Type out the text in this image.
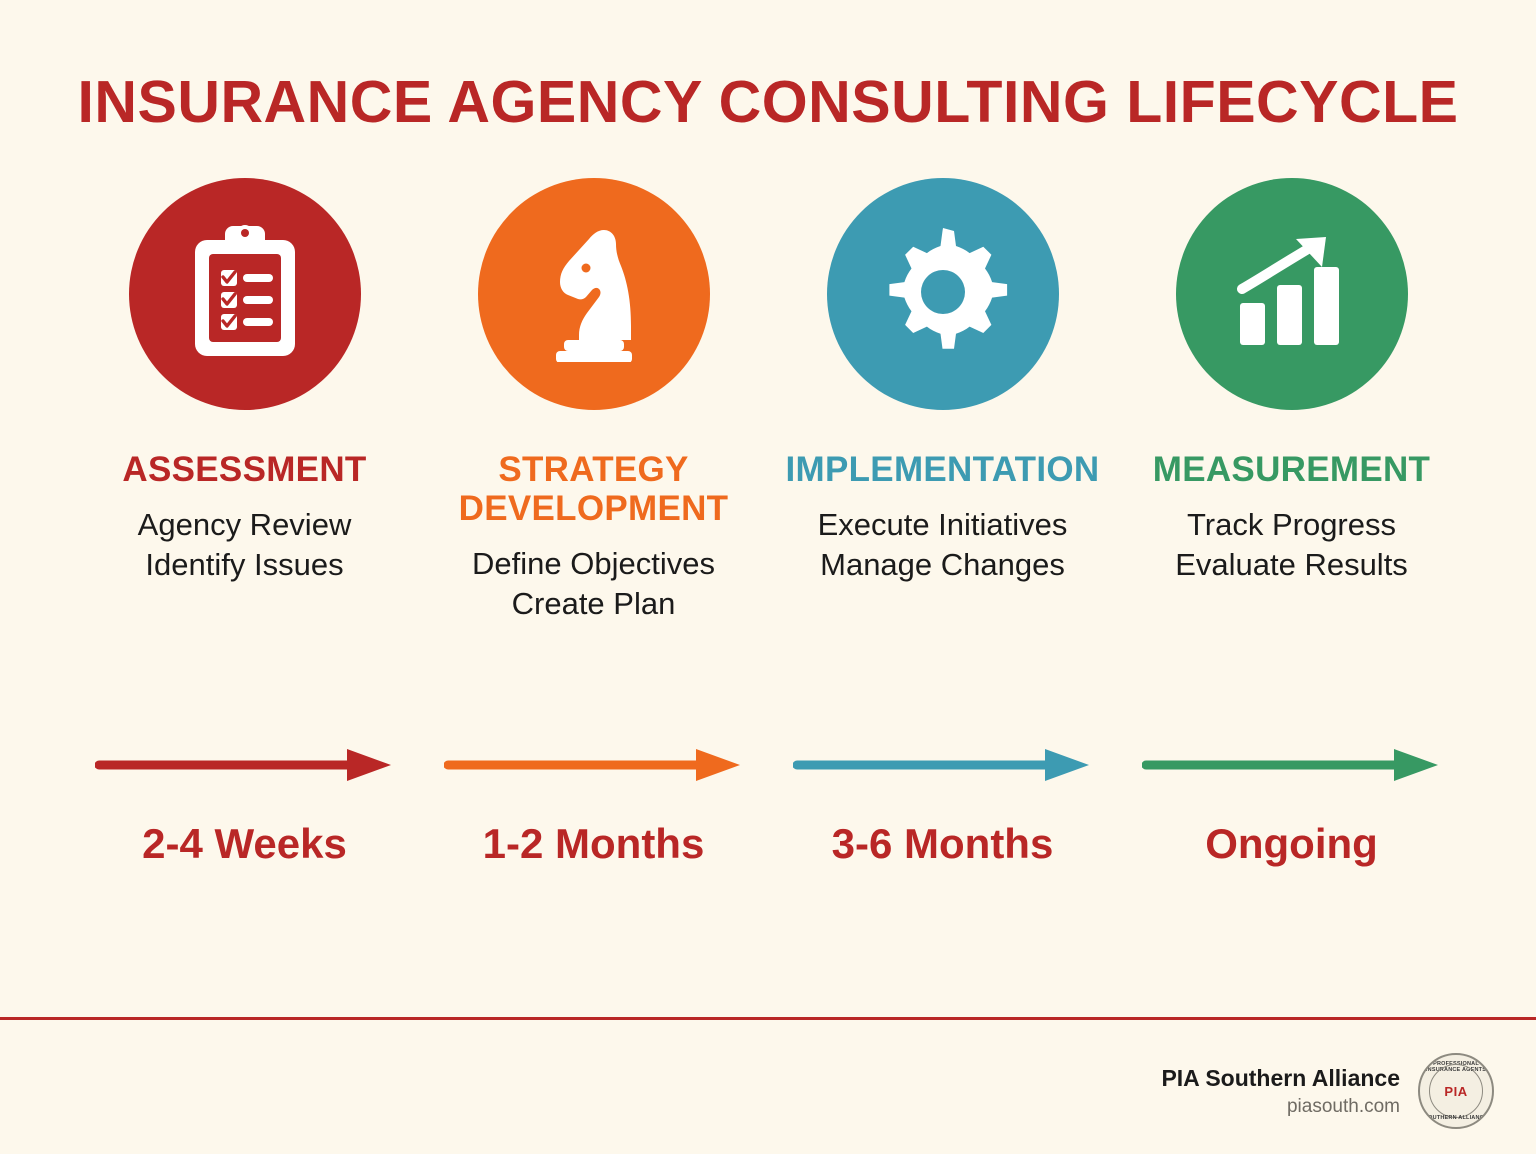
INSURANCE AGENCY CONSULTING LIFECYCLE
ASSESSMENT
Agency Review
Identify Issues
STRATEGY
DEVELOPMENT
Define Objectives
Create Plan
IMPLEMENTATION
Execute Initiatives
Manage Changes
MEASUREMENT
Track Progress
Evaluate Results
2-4 Weeks	1-2 Months	3-6 Months	Ongoing
PIA Southern Alliance
piasouth.com
PROFESSIONAL INSURANCE AGENTS
PIA
SOUTHERN ALLIANCE
